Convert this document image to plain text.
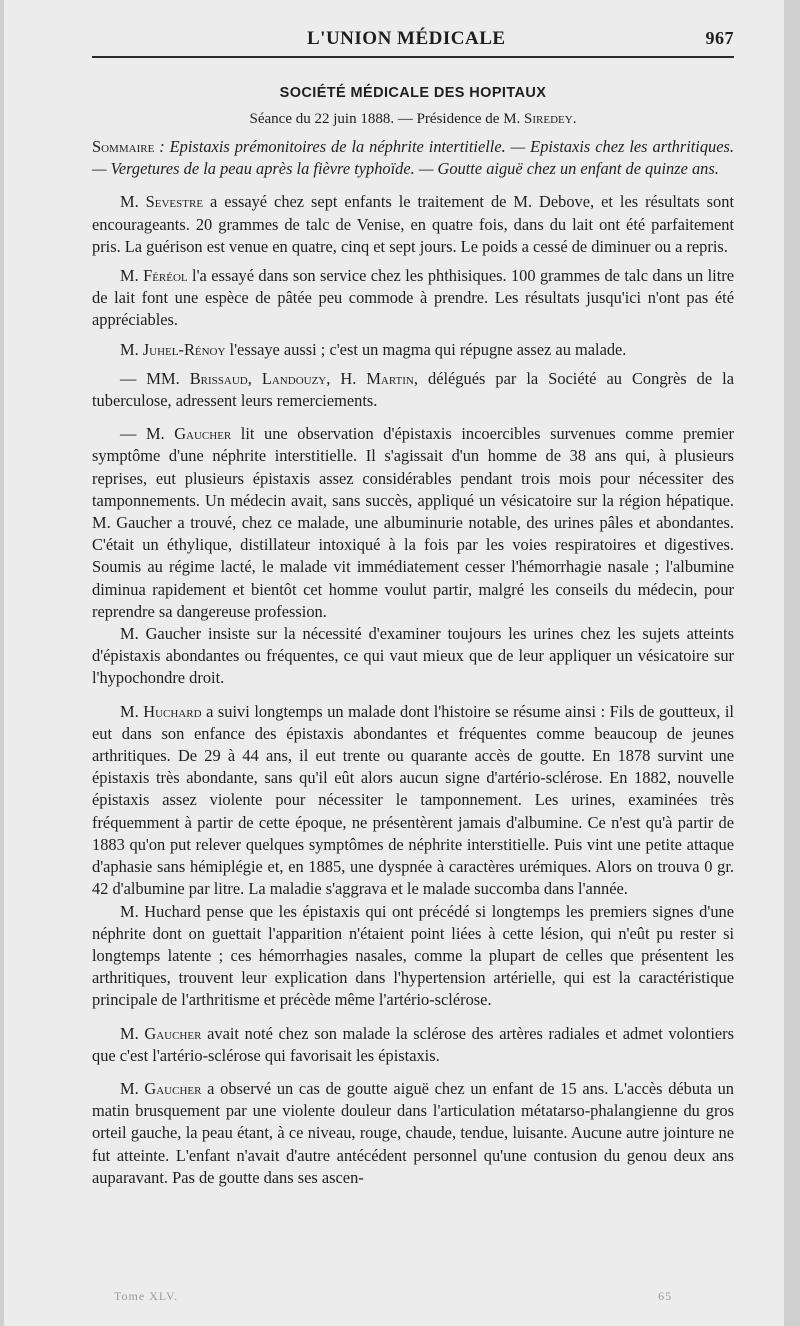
L'UNION MÉDICALE	967
SOCIÉTÉ MÉDICALE DES HOPITAUX
Séance du 22 juin 1888. — Présidence de M. Siredey.

Sommaire : Epistaxis prémonitoires de la néphrite intertitielle. — Epistaxis chez les arthritiques. — Vergetures de la peau après la fièvre typhoïde. — Goutte aiguë chez un enfant de quinze ans.

M. Sevestre a essayé chez sept enfants le traitement de M. Debove, et les résultats sont encourageants. 20 grammes de talc de Venise, en quatre fois, dans du lait ont été parfaitement pris. La guérison est venue en quatre, cinq et sept jours. Le poids a cessé de diminuer ou a repris.

M. Féréol l'a essayé dans son service chez les phthisiques. 100 grammes de talc dans un litre de lait font une espèce de pâtée peu commode à prendre. Les résultats jusqu'ici n'ont pas été appréciables.

M. Juhel-Rénoy l'essaye aussi ; c'est un magma qui répugne assez au malade.

— MM. Brissaud, Landouzy, H. Martin, délégués par la Société au Congrès de la tuberculose, adressent leurs remerciements.

— M. Gaucher lit une observation d'épistaxis incoercibles survenues comme premier symptôme d'une néphrite interstitielle. Il s'agissait d'un homme de 38 ans qui, à plusieurs reprises, eut plusieurs épistaxis assez considérables pendant trois mois pour nécessiter des tamponnements. Un médecin avait, sans succès, appliqué un vésicatoire sur la région hépatique. M. Gaucher a trouvé, chez ce malade, une albuminurie notable, des urines pâles et abondantes. C'était un éthylique, distillateur intoxiqué à la fois par les voies respiratoires et digestives. Soumis au régime lacté, le malade vit immédiatement cesser l'hémorrhagie nasale ; l'albumine diminua rapidement et bientôt cet homme voulut partir, malgré les conseils du médecin, pour reprendre sa dangereuse profession.

M. Gaucher insiste sur la nécessité d'examiner toujours les urines chez les sujets atteints d'épistaxis abondantes ou fréquentes, ce qui vaut mieux que de leur appliquer un vésicatoire sur l'hypochondre droit.

M. Huchard a suivi longtemps un malade dont l'histoire se résume ainsi : Fils de goutteux, il eut dans son enfance des épistaxis abondantes et fréquentes comme beaucoup de jeunes arthritiques. De 29 à 44 ans, il eut trente ou quarante accès de goutte. En 1878 survint une épistaxis très abondante, sans qu'il eût alors aucun signe d'artério-sclérose. En 1882, nouvelle épistaxis assez violente pour nécessiter le tamponnement. Les urines, examinées très fréquemment à partir de cette époque, ne présentèrent jamais d'albumine. Ce n'est qu'à partir de 1883 qu'on put relever quelques symptômes de néphrite interstitielle. Puis vint une petite attaque d'aphasie sans hémiplégie et, en 1885, une dyspnée à caractères urémiques. Alors on trouva 0 gr. 42 d'albumine par litre. La maladie s'aggrava et le malade succomba dans l'année.

M. Huchard pense que les épistaxis qui ont précédé si longtemps les premiers signes d'une néphrite dont on guettait l'apparition n'étaient point liées à cette lésion, qui n'eût pu rester si longtemps latente ; ces hémorrhagies nasales, comme la plupart de celles que présentent les arthritiques, trouvent leur explication dans l'hypertension artérielle, qui est la caractéristique principale de l'arthritisme et précède même l'artério-sclérose.

M. Gaucher avait noté chez son malade la sclérose des artères radiales et admet volontiers que c'est l'artério-sclérose qui favorisait les épistaxis.

M. Gaucher a observé un cas de goutte aiguë chez un enfant de 15 ans. L'accès débuta un matin brusquement par une violente douleur dans l'articulation métatarso-phalangienne du gros orteil gauche, la peau étant, à ce niveau, rouge, chaude, tendue, luisante. Aucune autre jointure ne fut atteinte. L'enfant n'avait d'autre antécédent personnel qu'une contusion du genou deux ans auparavant. Pas de goutte dans ses ascen-

Tome XLV.	65
